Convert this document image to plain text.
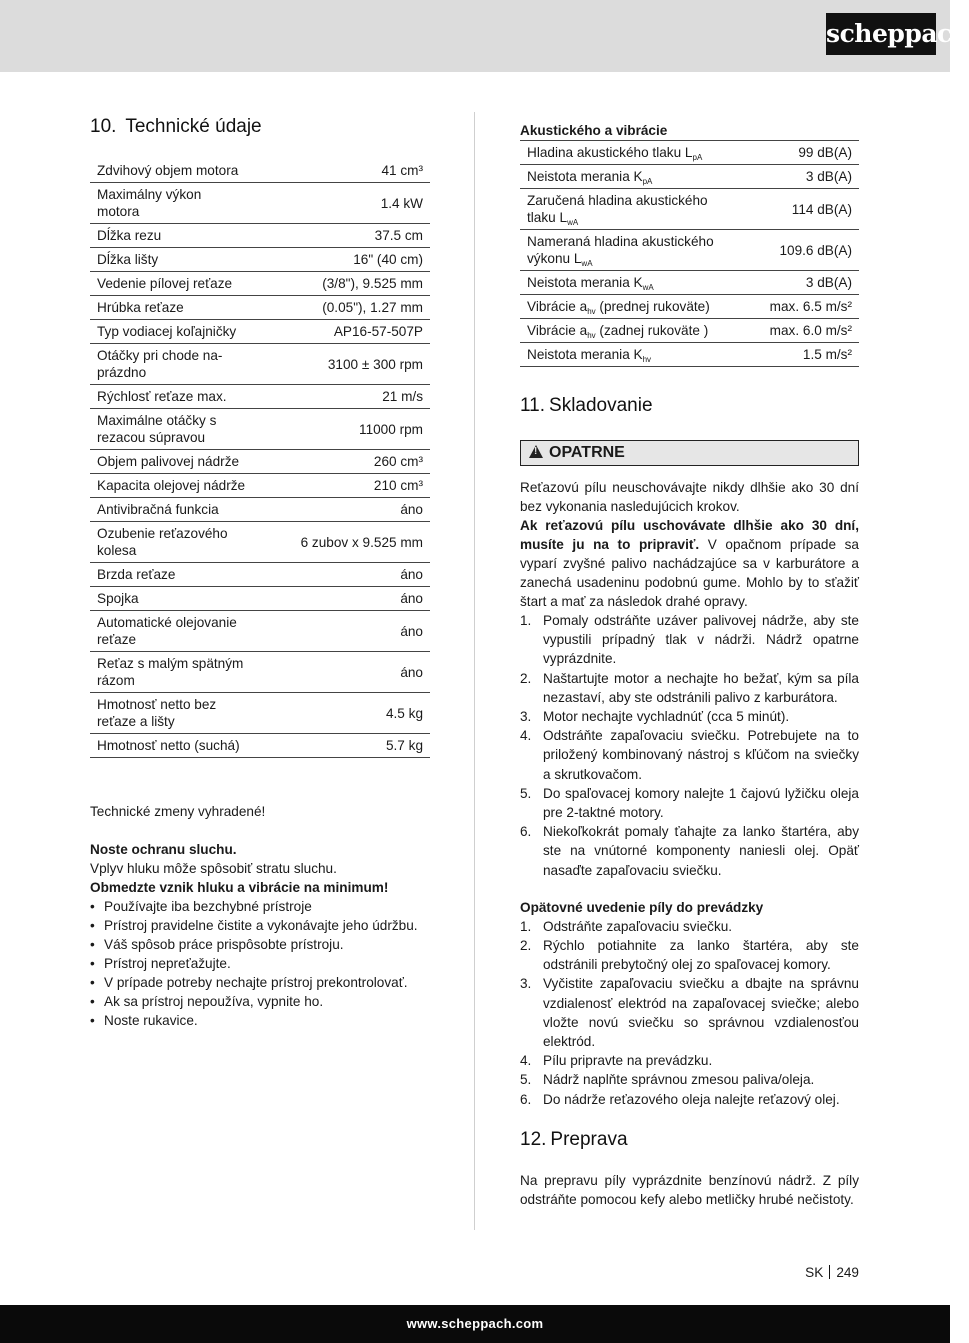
scheppach
10. Technické údaje
Zdvihový objem motora	41 cm³
Maximálny výkon motora	1.4 kW
Dĺžka rezu	37.5 cm
Dĺžka lišty	16" (40 cm)
Vedenie pílovej reťaze	(3/8"), 9.525 mm
Hrúbka reťaze	(0.05"), 1.27 mm
Typ vodiacej koľajničky	AP16-57-507P
Otáčky pri chode na-prázdno	3100 ± 300 rpm
Rýchlosť reťaze max.	21 m/s
Maximálne otáčky s rezacou súpravou	11000 rpm
Objem palivovej nádrže	260 cm³
Kapacita olejovej nádrže	210 cm³
Antivibračná funkcia	áno
Ozubenie reťazového kolesa	6 zubov x 9.525 mm
Brzda reťaze	áno
Spojka	áno
Automatické olejovanie reťaze	áno
Reťaz s malým spätným rázom	áno
Hmotnosť netto bez reťaze a lišty	4.5 kg
Hmotnosť netto (suchá)	5.7 kg

Technické zmeny vyhradené!

Noste ochranu sluchu.

Vplyv hluku môže spôsobiť stratu sluchu.

Obmedzte vznik hluku a vibrácie na minimum!

• Používajte iba bezchybné prístroje
• Prístroj pravidelne čistite a vykonávajte jeho údržbu.
• Váš spôsob práce prispôsobte prístroju.
• Prístroj nepreťažujte.
• V prípade potreby nechajte prístroj prekontrolovať.
• Ak sa prístroj nepoužíva, vypnite ho.
• Noste rukavice.
Akustického a vibrácie
Hladina akustického tlaku $L_{pA}$	99 dB(A)
Neistota merania $K_{pA}$	3 dB(A)
Zaručená hladina akustického tlaku $L_{wA}$	114 dB(A)
Nameraná hladina akustického výkonu $L_{wA}$	109.6 dB(A)
Neistota merania $K_{wA}$	3 dB(A)
Vibrácie $a_{hv}$ (prednej rukoväte)	max. 6.5 m/s²
Vibrácie $a_{hv}$ (zadnej rukoväte )	max. 6.0 m/s²
Neistota merania $K_{hv}$	1.5 m/s²
11. Skladovanie
!OPATRNE

Reťazovú pílu neuschovávajte nikdy dlhšie ako 30 dní bez vykonania nasledujúcich krokov.

Ak reťazovú pílu uschovávate dlhšie ako 30 dní, musíte ju na to pripraviť. V opačnom prípade sa vyparí zvyšné palivo nachádzajúce sa v karburátore a zanechá usadeninu podobnú gume. Mohlo by to sťažiť štart a mať za následok drahé opravy.

1. Pomaly odstráňte uzáver palivovej nádrže, aby ste vypustili prípadný tlak v nádrži. Nádrž opatrne vyprázdnite.
2. Naštartujte motor a nechajte ho bežať, kým sa píla nezastaví, aby ste odstránili palivo z karburátora.
3. Motor nechajte vychladnúť (cca 5 minút).
4. Odstráňte zapaľovaciu sviečku. Potrebujete na to priložený kombinovaný nástroj s kľúčom na sviečky a skrutkovačom.
5. Do spaľovacej komory nalejte 1 čajovú lyžičku oleja pre 2-taktné motory.
6. Niekoľkokrát pomaly ťahajte za lanko štartéra, aby ste na vnútorné komponenty naniesli olej. Opäť nasaďte zapaľovaciu sviečku.
Opätovné uvedenie píly do prevádzky
1. Odstráňte zapaľovaciu sviečku.
2. Rýchlo potiahnite za lanko štartéra, aby ste odstránili prebytočný olej zo spaľovacej komory.
3. Vyčistite zapaľovaciu sviečku a dbajte na správnu vzdialenosť elektród na zapaľovacej sviečke; alebo vložte novú sviečku so správnou vzdialenosťou elektród.
4. Pílu pripravte na prevádzku.
5. Nádrž naplňte správnou zmesou paliva/oleja.
6. Do nádrže reťazového oleja nalejte reťazový olej.
12. Preprava

Na prepravu píly vyprázdnite benzínovú nádrž. Z píly odstráňte pomocou kefy alebo metličky hrubé nečistoty.

SK 249
www.scheppach.com
